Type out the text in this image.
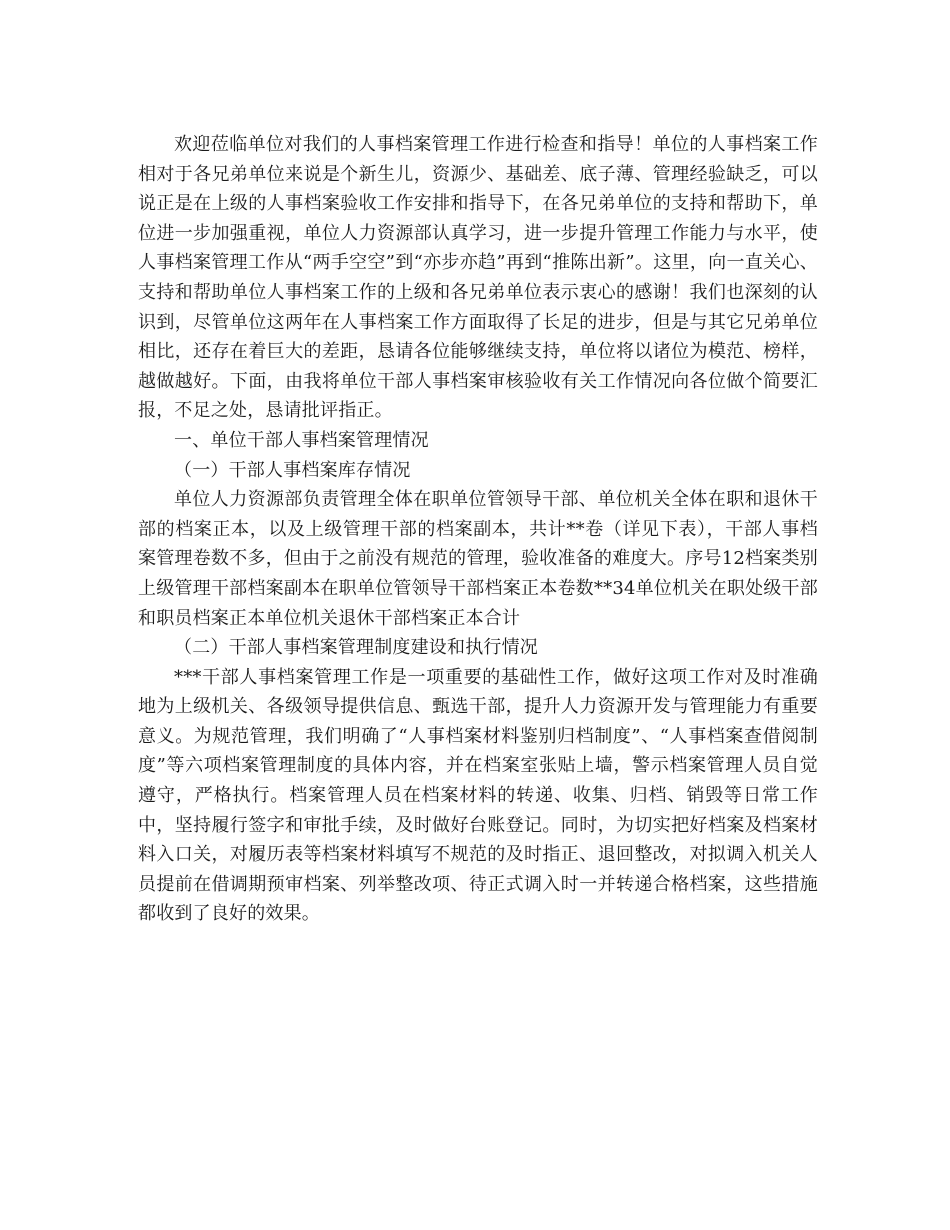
欢迎莅临单位对我们的人事档案管理工作进行检查和指导！单位的人事档案工作相对于各兄弟单位来说是个新生儿，资源少、基础差、底子薄、管理经验缺乏，可以说正是在上级的人事档案验收工作安排和指导下，在各兄弟单位的支持和帮助下，单位进一步加强重视，单位人力资源部认真学习，进一步提升管理工作能力与水平，使人事档案管理工作从“两手空空”到“亦步亦趋”再到“推陈出新”。这里，向一直关心、支持和帮助单位人事档案工作的上级和各兄弟单位表示衷心的感谢！我们也深刻的认识到，尽管单位这两年在人事档案工作方面取得了长足的进步，但是与其它兄弟单位相比，还存在着巨大的差距，恳请各位能够继续支持，单位将以诸位为模范、榜样，越做越好。下面，由我将单位干部人事档案审核验收有关工作情况向各位做个简要汇报，不足之处，恳请批评指正。

一、单位干部人事档案管理情况

（一）干部人事档案库存情况

单位人力资源部负责管理全体在职单位管领导干部、单位机关全体在职和退休干部的档案正本，以及上级管理干部的档案副本，共计**卷（详见下表），干部人事档案管理卷数不多，但由于之前没有规范的管理，验收准备的难度大。序号12档案类别上级管理干部档案副本在职单位管领导干部档案正本卷数**34单位机关在职处级干部和职员档案正本单位机关退休干部档案正本合计

（二）干部人事档案管理制度建设和执行情况

***干部人事档案管理工作是一项重要的基础性工作，做好这项工作对及时准确地为上级机关、各级领导提供信息、甄选干部，提升人力资源开发与管理能力有重要意义。为规范管理，我们明确了“人事档案材料鉴别归档制度”、“人事档案查借阅制度”等六项档案管理制度的具体内容，并在档案室张贴上墙，警示档案管理人员自觉遵守，严格执行。档案管理人员在档案材料的转递、收集、归档、销毁等日常工作中，坚持履行签字和审批手续，及时做好台账登记。同时，为切实把好档案及档案材料入口关，对履历表等档案材料填写不规范的及时指正、退回整改，对拟调入机关人员提前在借调期预审档案、列举整改项、待正式调入时一并转递合格档案，这些措施都收到了良好的效果。
